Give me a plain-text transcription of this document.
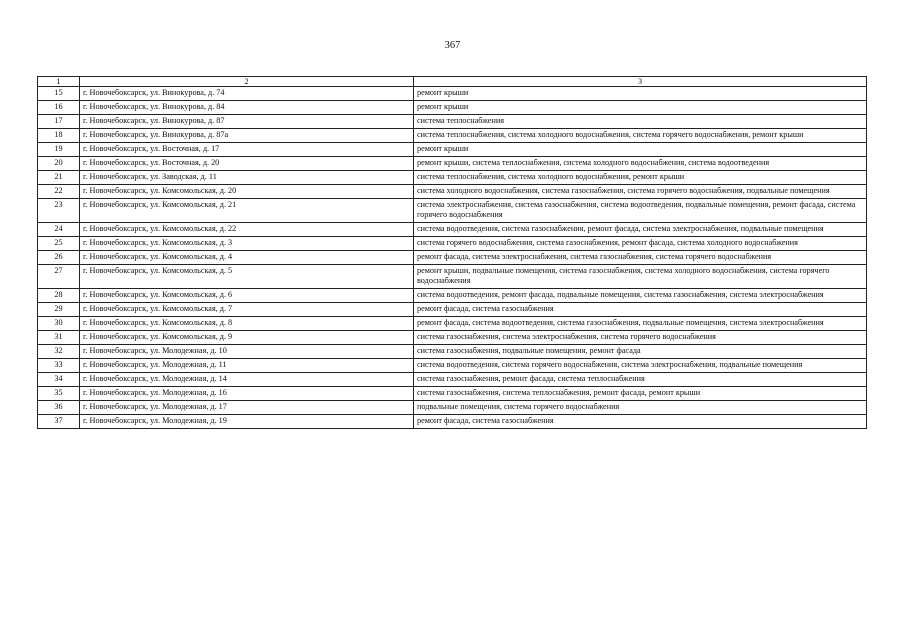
367
1	2	3
15	г. Новочебоксарск, ул. Винокурова, д. 74	ремонт крыши
16	г. Новочебоксарск, ул. Винокурова, д. 84	ремонт крыши
17	г. Новочебоксарск, ул. Винокурова, д. 87	система теплоснабжения
18	г. Новочебоксарск, ул. Винокурова, д. 87а	система теплоснабжения, система холодного водоснабжения, система горячего водоснабжения, ремонт крыши
19	г. Новочебоксарск, ул. Восточная, д. 17	ремонт крыши
20	г. Новочебоксарск, ул. Восточная, д. 20	ремонт крыши, система теплоснабжения, система холодного водоснабжения, система водоотведения
21	г. Новочебоксарск, ул. Заводская, д. 11	система теплоснабжения, система холодного водоснабжения, ремонт крыши
22	г. Новочебоксарск, ул. Комсомольская, д. 20	система холодного водоснабжения, система газоснабжения, система горячего водоснабжения, подвальные помещения
23	г. Новочебоксарск, ул. Комсомольская, д. 21	система электроснабжения, система газоснабжения, система водоотведения, подвальные помещения, ремонт фасада, система горячего водоснабжения
24	г. Новочебоксарск, ул. Комсомольская, д. 22	система водоотведения, система газоснабжения, ремонт фасада, система электроснабжения, подвальные помещения
25	г. Новочебоксарск, ул. Комсомольская, д. 3	система горячего водоснабжения, система газоснабжения, ремонт фасада, система холодного водоснабжения
26	г. Новочебоксарск, ул. Комсомольская, д. 4	ремонт фасада, система электроснабжения, система газоснабжения, система горячего водоснабжения
27	г. Новочебоксарск, ул. Комсомольская, д. 5	ремонт крыши, подвальные помещения, система газоснабжения, система холодного водоснабжения, система горячего водоснабжения
28	г. Новочебоксарск, ул. Комсомольская, д. 6	система водоотведения, ремонт фасада, подвальные помещения, система газоснабжения, система электроснабжения
29	г. Новочебоксарск, ул. Комсомольская, д. 7	ремонт фасада, система газоснабжения
30	г. Новочебоксарск, ул. Комсомольская, д. 8	ремонт фасада, система водоотведения, система газоснабжения, подвальные помещения, система электроснабжения
31	г. Новочебоксарск, ул. Комсомольская, д. 9	система газоснабжения, система электроснабжения, система горячего водоснабжения
32	г. Новочебоксарск, ул. Молодежная, д. 10	система газоснабжения, подвальные помещения, ремонт фасада
33	г. Новочебоксарск, ул. Молодежная, д. 11	система водоотведения, система горячего водоснабжения, система электроснабжения, подвальные помещения
34	г. Новочебоксарск, ул. Молодежная, д. 14	система газоснабжения, ремонт фасада, система теплоснабжения
35	г. Новочебоксарск, ул. Молодежная, д. 16	система газоснабжения, система теплоснабжения, ремонт фасада, ремонт крыши
36	г. Новочебоксарск, ул. Молодежная, д. 17	подвальные помещения, система горячего водоснабжения
37	г. Новочебоксарск, ул. Молодежная, д. 19	ремонт фасада, система газоснабжения
